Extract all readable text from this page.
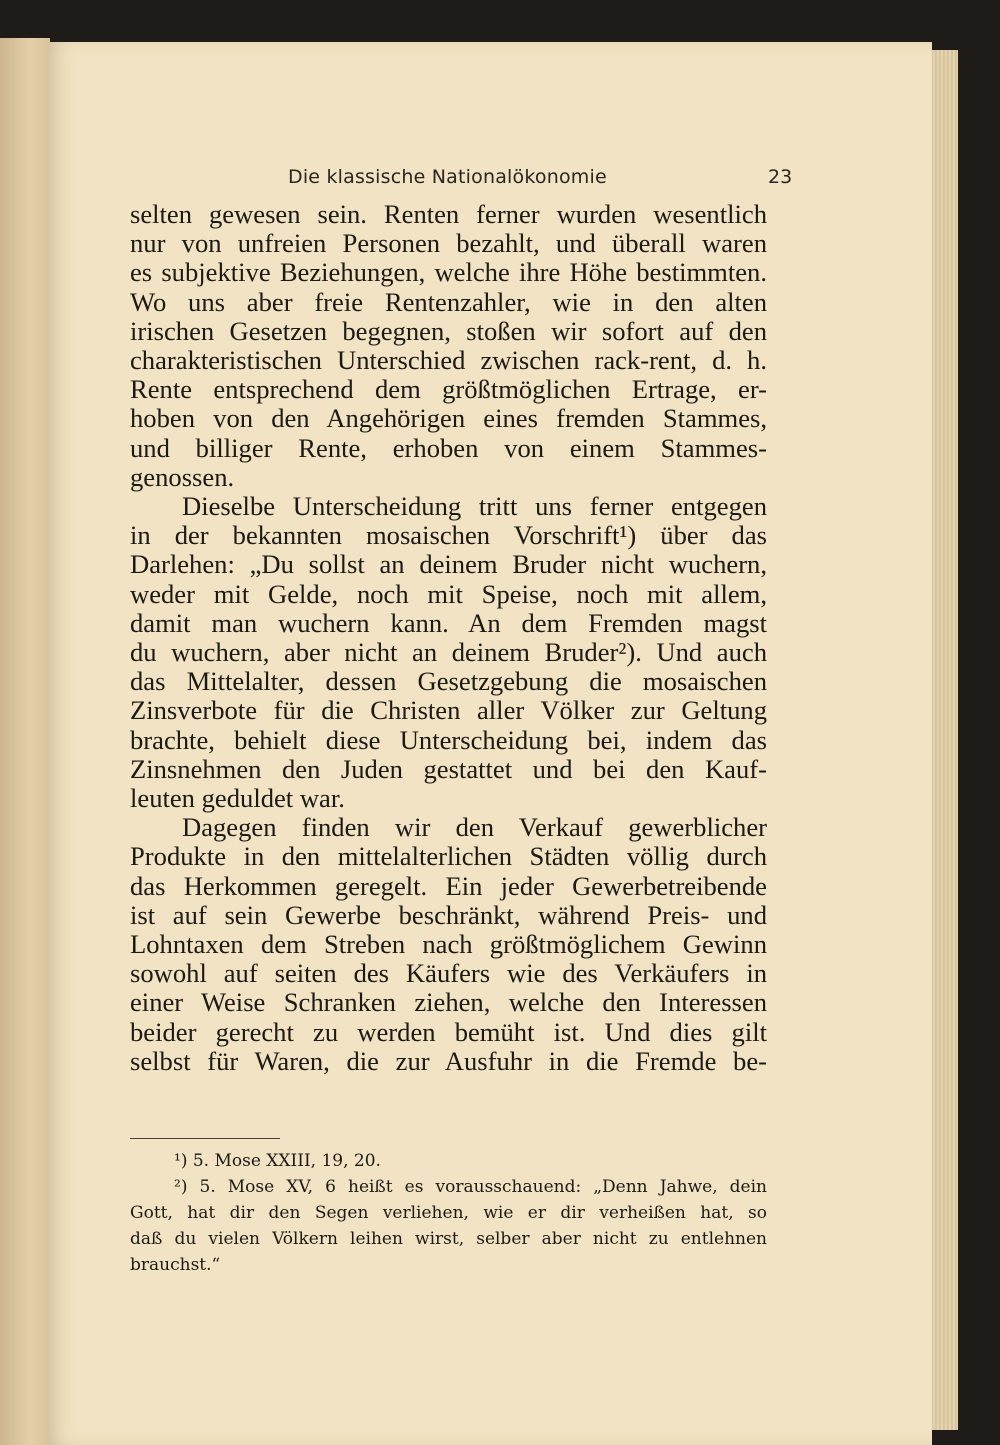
Die klassische Nationalökonomie	23
selten gewesen sein. Renten ferner wurden wesentlich
nur von unfreien Personen bezahlt, und überall waren
es subjektive Beziehungen, welche ihre Höhe bestimmten.
Wo uns aber freie Rentenzahler, wie in den alten
irischen Gesetzen begegnen, stoßen wir sofort auf den
charakteristischen Unterschied zwischen rack-rent, d. h.
Rente entsprechend dem größtmöglichen Ertrage, er-
hoben von den Angehörigen eines fremden Stammes,
und billiger Rente, erhoben von einem Stammes-
genossen.
Dieselbe Unterscheidung tritt uns ferner entgegen
in der bekannten mosaischen Vorschrift¹) über das
Darlehen: „Du sollst an deinem Bruder nicht wuchern,
weder mit Gelde, noch mit Speise, noch mit allem,
damit man wuchern kann. An dem Fremden magst
du wuchern, aber nicht an deinem Bruder²). Und auch
das Mittelalter, dessen Gesetzgebung die mosaischen
Zinsverbote für die Christen aller Völker zur Geltung
brachte, behielt diese Unterscheidung bei, indem das
Zinsnehmen den Juden gestattet und bei den Kauf-
leuten geduldet war.
Dagegen finden wir den Verkauf gewerblicher
Produkte in den mittelalterlichen Städten völlig durch
das Herkommen geregelt. Ein jeder Gewerbetreibende
ist auf sein Gewerbe beschränkt, während Preis- und
Lohntaxen dem Streben nach größtmöglichem Gewinn
sowohl auf seiten des Käufers wie des Verkäufers in
einer Weise Schranken ziehen, welche den Interessen
beider gerecht zu werden bemüht ist. Und dies gilt
selbst für Waren, die zur Ausfuhr in die Fremde be-
¹) 5. Mose XXIII, 19, 20.
²) 5. Mose XV, 6 heißt es vorausschauend: „Denn Jahwe, dein
Gott, hat dir den Segen verliehen, wie er dir verheißen hat, so
daß du vielen Völkern leihen wirst, selber aber nicht zu entlehnen
brauchst.“
